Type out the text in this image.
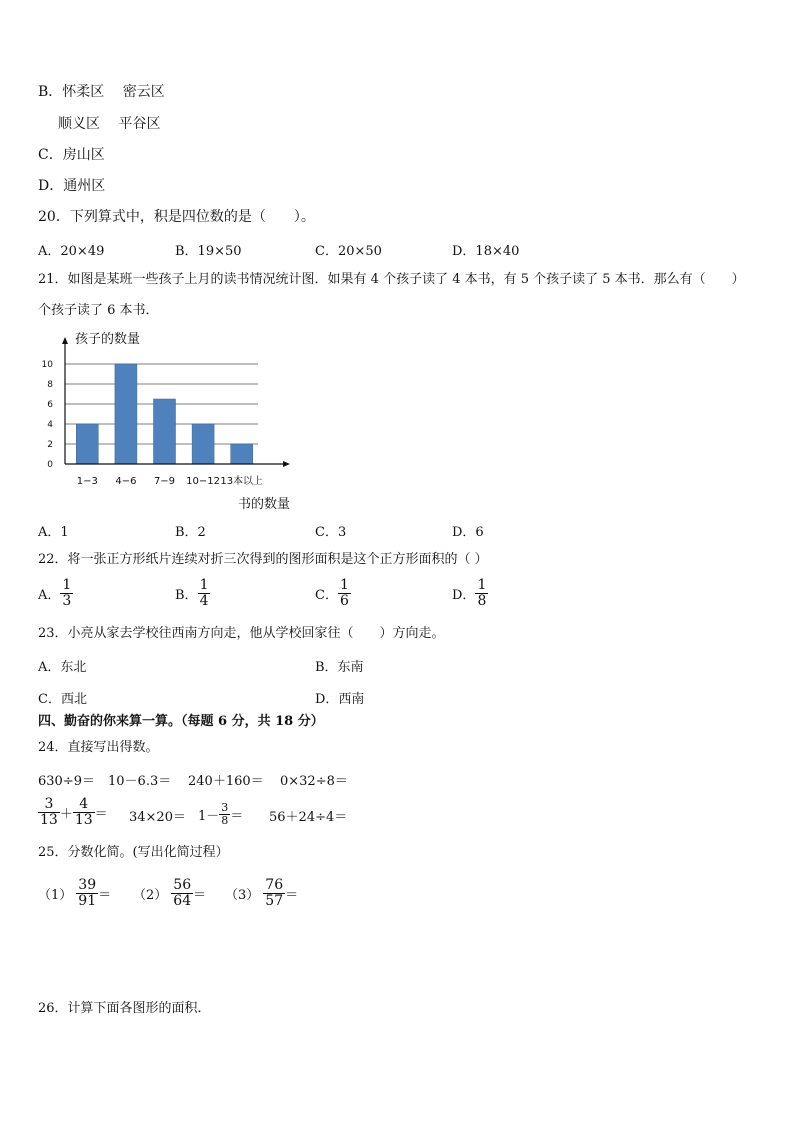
B．怀柔区　 密云区
顺义区　 平谷区
C．房山区
D．通州区
20．下列算式中，积是四位数的是（　　）。
A．20×49	B．19×50	C．20×50	D．18×40
21．如图是某班一些孩子上月的读书情况统计图．如果有 4 个孩子读了 4 本书，有 5 个孩子读了 5 本书．那么有（　　）
个孩子读了 6 本书．
0
2
4
6
8
10
1−3 4−6 7−9 10−12 13本以上
孩子的数量
书的数量
A．1	B．2	C．3	D．6
22．将一张正方形纸片连续对折三次得到的图形面积是这个正方形面积的（ ）
A． $\frac{1}{3}$	B． $\frac{1}{4}$	C． $\frac{1}{6}$	D． $\frac{1}{8}$
23．小亮从家去学校往西南方向走，他从学校回家往（　　）方向走。
A．东北	B．东南
C．西北	D．西南
四、勤奋的你来算一算。（每题 6 分，共 18 分）
24．直接写出得数。
630÷9＝ 10－6.3＝ 240＋160＝ 0×32÷8＝
$\frac{3}{13} + \frac{4}{13} = 34\times 20= 1- \frac{3}{8} = 56+24\div 4=$
25．分数化简。(写出化简过程）
$(1) \frac{39}{91} = (2) \frac{56}{64} = (3) \frac{76}{57}$ ＝
26．计算下面各图形的面积．
